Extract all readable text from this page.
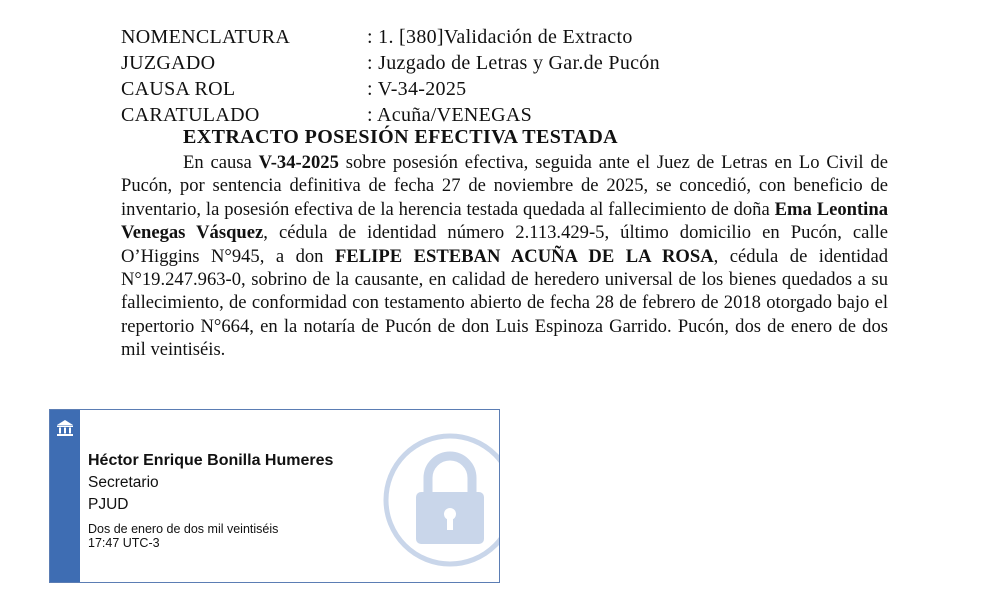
NOMENCLATURA	: 1. [380]Validación de Extracto
JUZGADO	: Juzgado de Letras y Gar.de Pucón
CAUSA ROL	: V-34-2025
CARATULADO	: Acuña/VENEGAS
EXTRACTO POSESIÓN EFECTIVA TESTADA

En causa V-34-2025 sobre posesión efectiva, seguida ante el Juez de Letras en Lo Civil de Pucón, por sentencia definitiva de fecha 27 de noviembre de 2025, se concedió, con beneficio de inventario, la posesión efectiva de la herencia testada quedada al fallecimiento de doña Ema Leontina Venegas Vásquez, cédula de identidad número 2.113.429-5, último domicilio en Pucón, calle O’Higgins N°945, a don FELIPE ESTEBAN ACUÑA DE LA ROSA, cédula de identidad N°19.247.963-0, sobrino de la causante, en calidad de heredero universal de los bienes quedados a su fallecimiento, de conformidad con testamento abierto de fecha 28 de febrero de 2018 otorgado bajo el repertorio N°664, en la notaría de Pucón de don Luis Espinoza Garrido. Pucón, dos de enero de dos mil veintiséis.

Héctor Enrique Bonilla Humeres
Secretario
PJUD
Dos de enero de dos mil veintiséis
17:47 UTC-3
